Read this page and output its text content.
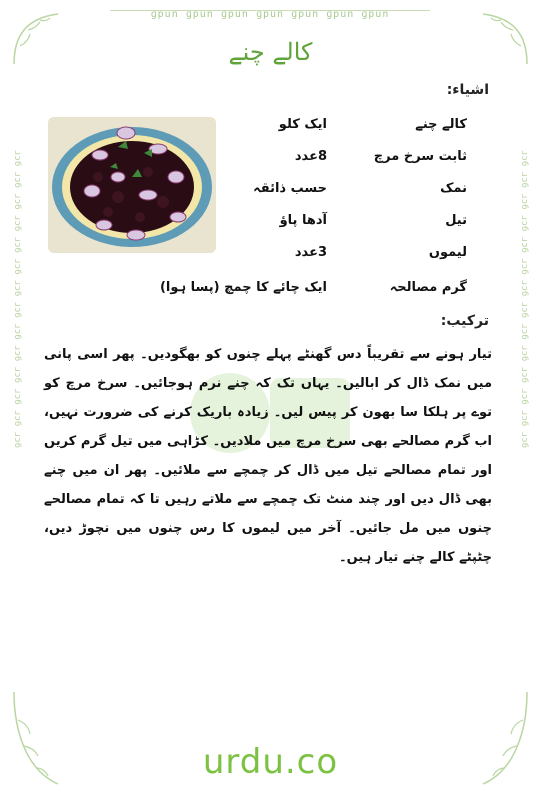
ɡpun ɡpun ɡpun ɡpun ɡpun ɡpun ɡpun
ɹɔ6 ɹɔ6 ɹɔ6 ɹɔ6 ɹɔ6 ɹɔ6 ɹɔ6 ɹɔ6 ɹɔ6 ɹɔ6 ɹɔ6 ɹɔ6 ɹɔ6 ɹɔ6	ɹɔ6 ɹɔ6 ɹɔ6 ɹɔ6 ɹɔ6 ɹɔ6 ɹɔ6 ɹɔ6 ɹɔ6 ɹɔ6 ɹɔ6 ɹɔ6 ɹɔ6 ɹɔ6
کالے چنے
اشیاء:
کالے چنے
ایک کلو
ثابت سرخ مرچ
8عدد
نمک
حسب ذائقہ
تیل
آدھا پاؤ
لیموں
3عدد
گرم مصالحہ
ایک چائے کا چمچ (پسا ہوا)
ترکیب:
تیار ہونے سے تقریباً دس گھنٹے پہلے چنوں کو بھگودیں۔ پھر اسی پانی میں نمک ڈال کر ابالیں۔ یہاں تک کہ چنے نرم ہوجائیں۔ سرخ مرچ کو توے پر ہلکا سا بھون کر پیس لیں۔ زیادہ باریک کرنے کی ضرورت نہیں، اب گرم مصالحے بھی سرخ مرچ میں ملادیں۔ کڑاہی میں تیل گرم کریں اور تمام مصالحے تیل میں ڈال کر چمچے سے ملائیں۔ پھر ان میں چنے بھی ڈال دیں اور چند منٹ تک چمچے سے ملاتے رہیں تا کہ تمام مصالحے چنوں میں مل جائیں۔ آخر میں لیموں کا رس چنوں میں نچوڑ دیں، چٹپٹے کالے چنے تیار ہیں۔
urdu.co
